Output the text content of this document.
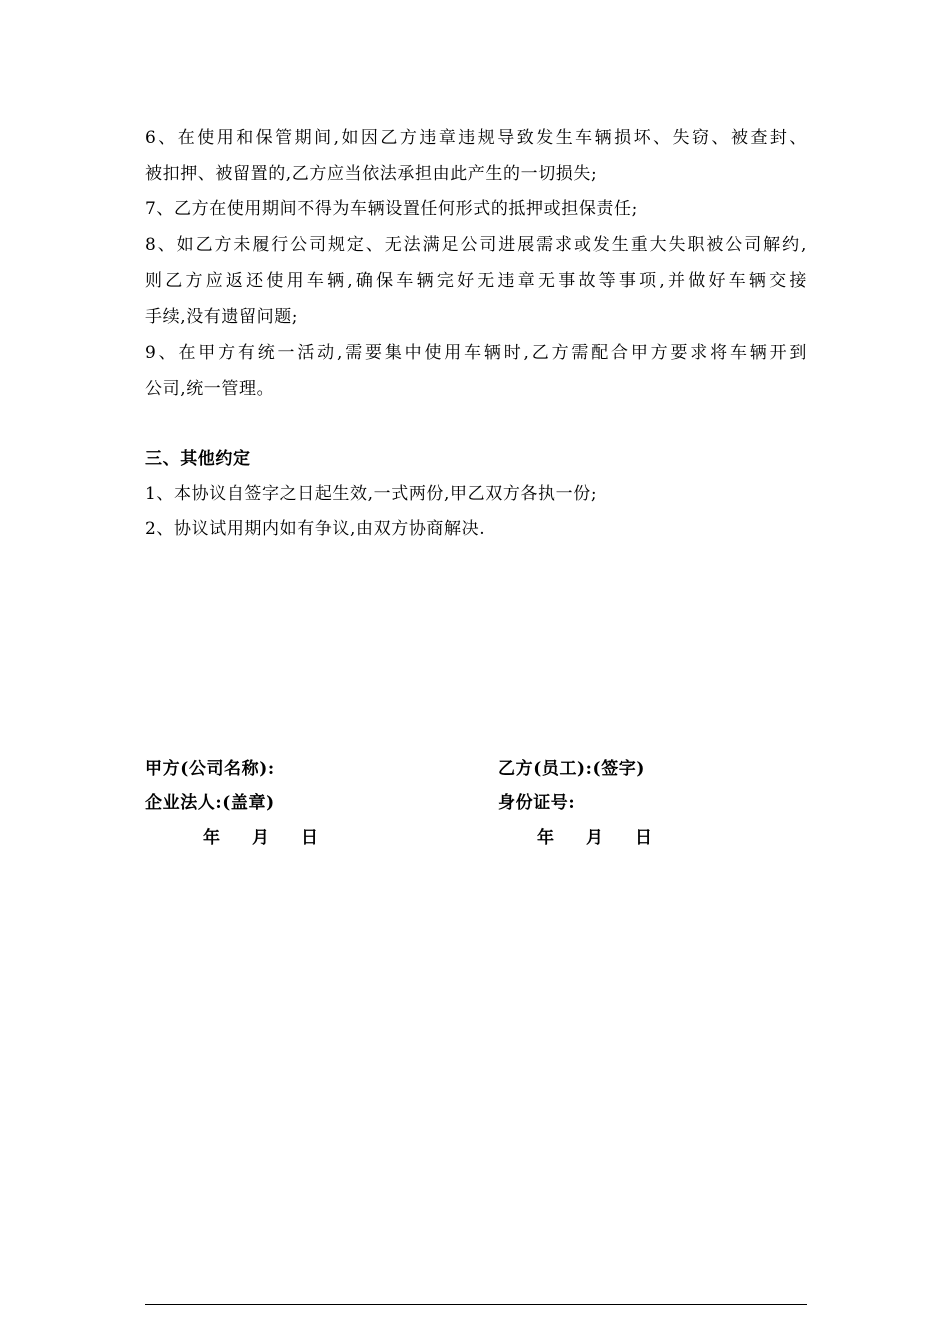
6、在使用和保管期间,如因乙方违章违规导致发生车辆损坏、失窃、被查封、
被扣押、被留置的,乙方应当依法承担由此产生的一切损失;
7、乙方在使用期间不得为车辆设置任何形式的抵押或担保责任;
8、如乙方未履行公司规定、无法满足公司进展需求或发生重大失职被公司解约,
则乙方应返还使用车辆,确保车辆完好无违章无事故等事项,并做好车辆交接
手续,没有遗留问题;
9、在甲方有统一活动,需要集中使用车辆时,乙方需配合甲方要求将车辆开到
公司,统一管理。
三、其他约定
1、本协议自签字之日起生效,一式两份,甲乙双方各执一份;
2、协议试用期内如有争议,由双方协商解决.
甲方(公司名称):
企业法人:(盖章)
年 月 日
乙方(员工):(签字)
身份证号:
年 月 日
